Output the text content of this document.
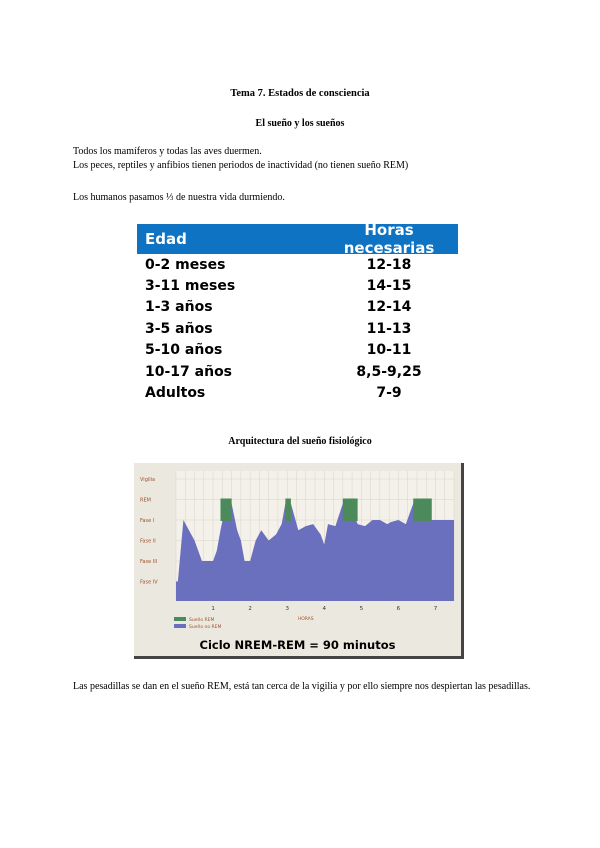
Tema 7. Estados de consciencia
El sueño y los sueños
Todos los mamíferos y todas las aves duermen.
Los peces, reptiles y anfibios tienen periodos de inactividad (no tienen sueño REM)
Los humanos pasamos ⅓ de nuestra vida durmiendo.
Edad	Horas necesarias
0-2 meses	12-18
3-11 meses	14-15
1-3 años	12-14
3-5 años	11-13
5-10 años	10-11
10-17 años	8,5-9,25
Adultos	7-9
Arquitectura del sueño fisiológico
Vigilia
REM
Fase I
Fase II
Fase III
Fase IV
1	2	3	4	5	6	7
HORAS
Sueño REM
Sueño no REM
Ciclo NREM-REM = 90 minutos
Las pesadillas se dan en el sueño REM, está tan cerca de la vigilia y por ello siempre nos despiertan las pesadillas.
